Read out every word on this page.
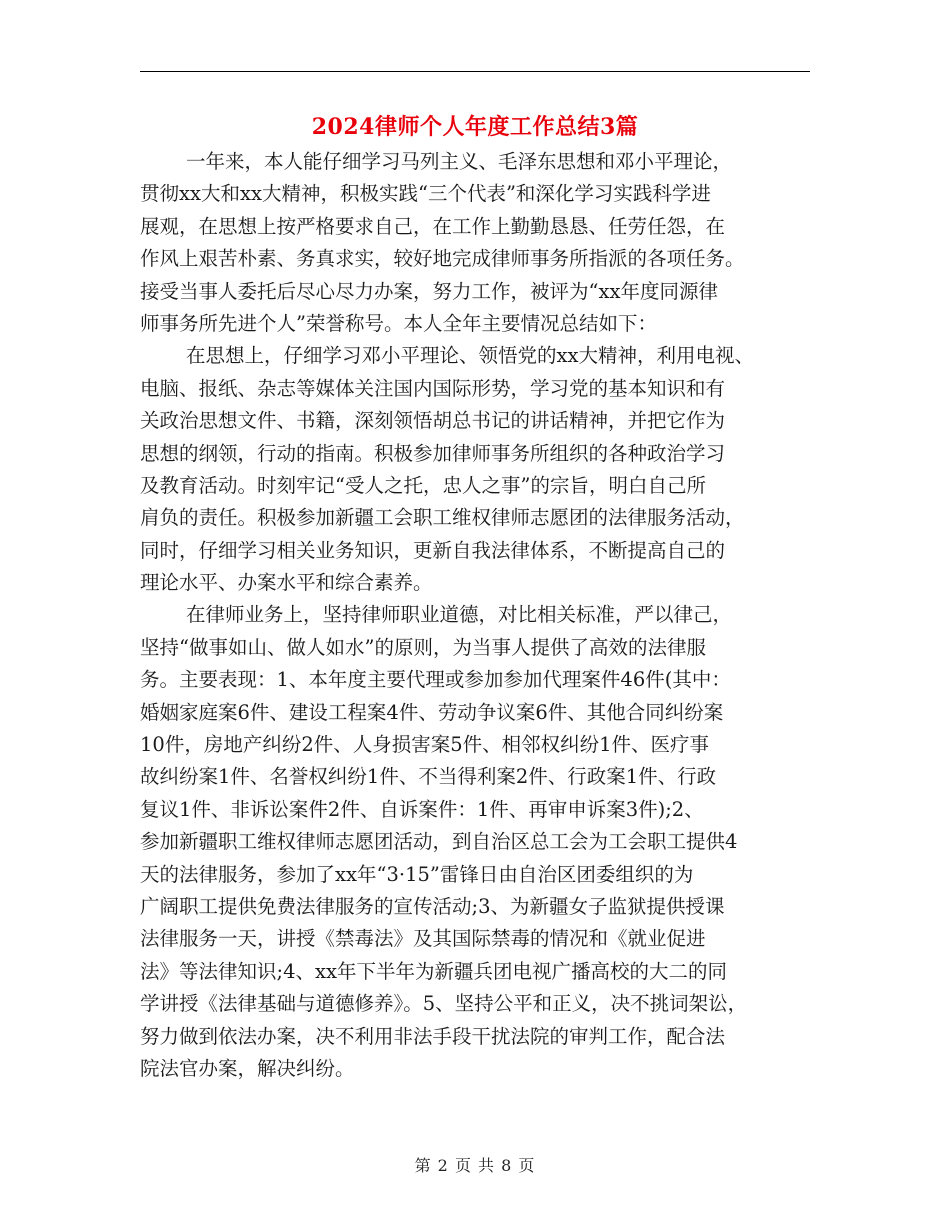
2024律师个人年度工作总结3篇
一年来，本人能仔细学习马列主义、毛泽东思想和邓小平理论，
贯彻xx大和xx大精神，积极实践“三个代表”和深化学习实践科学进
展观，在思想上按严格要求自己，在工作上勤勤恳恳、任劳任怨，在
作风上艰苦朴素、务真求实，较好地完成律师事务所指派的各项任务。
接受当事人委托后尽心尽力办案，努力工作，被评为“xx年度同源律
师事务所先进个人”荣誉称号。本人全年主要情况总结如下：
在思想上，仔细学习邓小平理论、领悟党的xx大精神，利用电视、
电脑、报纸、杂志等媒体关注国内国际形势，学习党的基本知识和有
关政治思想文件、书籍，深刻领悟胡总书记的讲话精神，并把它作为
思想的纲领，行动的指南。积极参加律师事务所组织的各种政治学习
及教育活动。时刻牢记“受人之托，忠人之事”的宗旨，明白自己所
肩负的责任。积极参加新疆工会职工维权律师志愿团的法律服务活动，
同时，仔细学习相关业务知识，更新自我法律体系，不断提高自己的
理论水平、办案水平和综合素养。
在律师业务上，坚持律师职业道德，对比相关标准，严以律己，
坚持“做事如山、做人如水”的原则，为当事人提供了高效的法律服
务。主要表现：1、本年度主要代理或参加参加代理案件46件(其中：
婚姻家庭案6件、建设工程案4件、劳动争议案6件、其他合同纠纷案
10件，房地产纠纷2件、人身损害案5件、相邻权纠纷1件、医疗事
故纠纷案1件、名誉权纠纷1件、不当得利案2件、行政案1件、行政
复议1件、非诉讼案件2件、自诉案件：1件、再审申诉案3件);2、
参加新疆职工维权律师志愿团活动，到自治区总工会为工会职工提供4
天的法律服务，参加了xx年“3·15”雷锋日由自治区团委组织的为
广阔职工提供免费法律服务的宣传活动;3、为新疆女子监狱提供授课
法律服务一天，讲授《禁毒法》及其国际禁毒的情况和《就业促进
法》等法律知识;4、xx年下半年为新疆兵团电视广播高校的大二的同
学讲授《法律基础与道德修养》。5、坚持公平和正义，决不挑词架讼，
努力做到依法办案，决不利用非法手段干扰法院的审判工作，配合法
院法官办案，解决纠纷。
第 2 页 共 8 页
